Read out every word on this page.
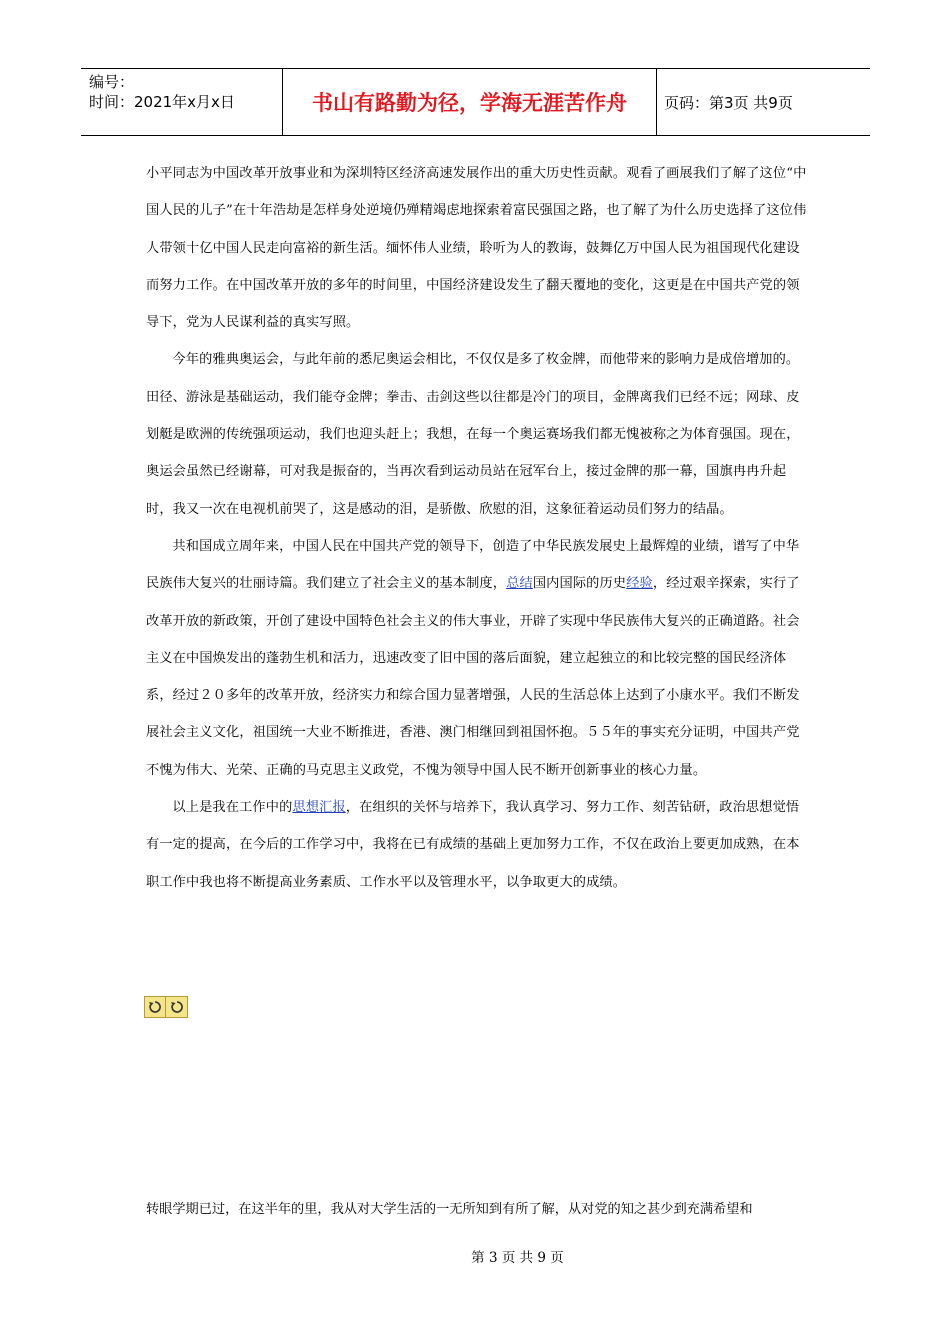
编号：
时间：2021年x月x日	书山有路勤为径，学海无涯苦作舟	页码：第3页 共9页

小平同志为中国改革开放事业和为深圳特区经济高速发展作出的重大历史性贡献。观看了画展我们了解了这位“中国人民的儿子”在十年浩劫是怎样身处逆境仍殚精竭虑地探索着富民强国之路，也了解了为什么历史选择了这位伟人带领十亿中国人民走向富裕的新生活。缅怀伟人业绩，聆听为人的教诲，鼓舞亿万中国人民为祖国现代化建设而努力工作。在中国改革开放的多年的时间里，中国经济建设发生了翻天覆地的变化，这更是在中国共产党的领导下，党为人民谋利益的真实写照。

今年的雅典奥运会，与此年前的悉尼奥运会相比，不仅仅是多了枚金牌，而他带来的影响力是成倍增加的。田径、游泳是基础运动，我们能夺金牌；拳击、击剑这些以往都是冷门的项目，金牌离我们已经不远；网球、皮划艇是欧洲的传统强项运动，我们也迎头赶上；我想，在每一个奥运赛场我们都无愧被称之为体育强国。现在，奥运会虽然已经谢幕，可对我是振奋的，当再次看到运动员站在冠军台上，接过金牌的那一幕，国旗冉冉升起时，我又一次在电视机前哭了，这是感动的泪，是骄傲、欣慰的泪，这象征着运动员们努力的结晶。

共和国成立周年来，中国人民在中国共产党的领导下，创造了中华民族发展史上最辉煌的业绩，谱写了中华民族伟大复兴的壮丽诗篇。我们建立了社会主义的基本制度，总结国内国际的历史经验，经过艰辛探索，实行了改革开放的新政策，开创了建设中国特色社会主义的伟大事业，开辟了实现中华民族伟大复兴的正确道路。社会主义在中国焕发出的蓬勃生机和活力，迅速改变了旧中国的落后面貌，建立起独立的和比较完整的国民经济体系，经过２０多年的改革开放，经济实力和综合国力显著增强，人民的生活总体上达到了小康水平。我们不断发展社会主义文化，祖国统一大业不断推进，香港、澳门相继回到祖国怀抱。５５年的事实充分证明，中国共产党不愧为伟大、光荣、正确的马克思主义政党，不愧为领导中国人民不断开创新事业的核心力量。

以上是我在工作中的思想汇报，在组织的关怀与培养下，我认真学习、努力工作、刻苦钻研，政治思想觉悟有一定的提高，在今后的工作学习中，我将在已有成绩的基础上更加努力工作，不仅在政治上要更加成熟，在本职工作中我也将不断提高业务素质、工作水平以及管理水平，以争取更大的成绩。

转眼学期已过，在这半年的里，我从对大学生活的一无所知到有所了解，从对党的知之甚少到充满希望和
第 3 页 共 9 页
